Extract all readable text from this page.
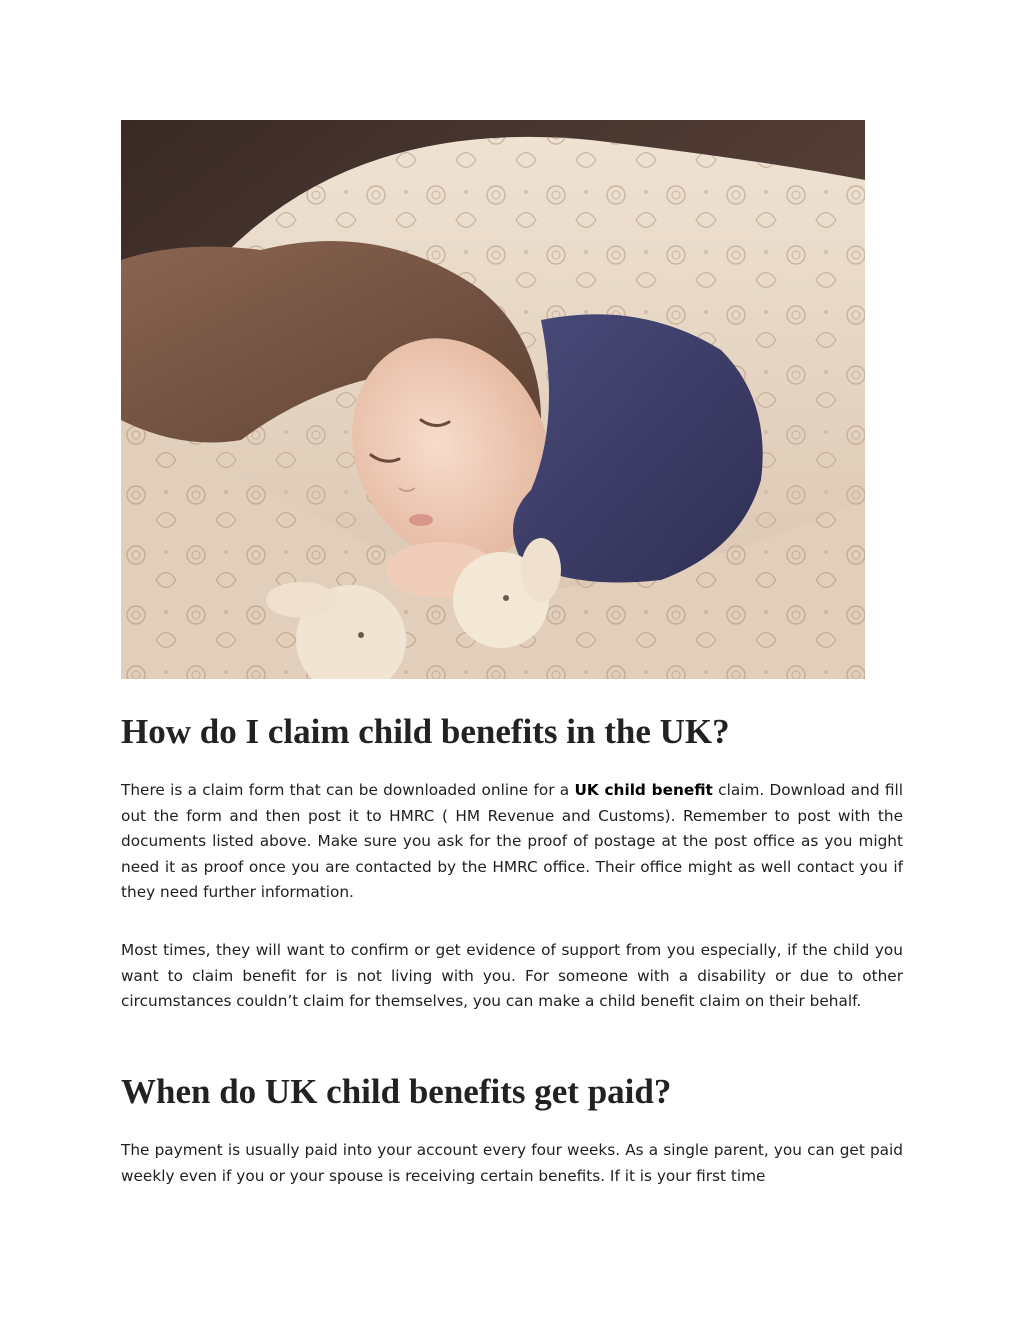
How do I claim child benefits in the UK?

There is a claim form that can be downloaded online for a UK child benefit claim. Download and fill out the form and then post it to HMRC ( HM Revenue and Customs). Remember to post with the documents listed above. Make sure you ask for the proof of postage at the post office as you might need it as proof once you are contacted by the HMRC office. Their office might as well contact you if they need further information.

Most times, they will want to confirm or get evidence of support from you especially, if the child you want to claim benefit for is not living with you. For someone with a disability or due to other circumstances couldn’t claim for themselves, you can make a child benefit claim on their behalf.

When do UK child benefits get paid?

The payment is usually paid into your account every four weeks. As a single parent, you can get paid weekly even if you or your spouse is receiving certain benefits. If it is your first time
